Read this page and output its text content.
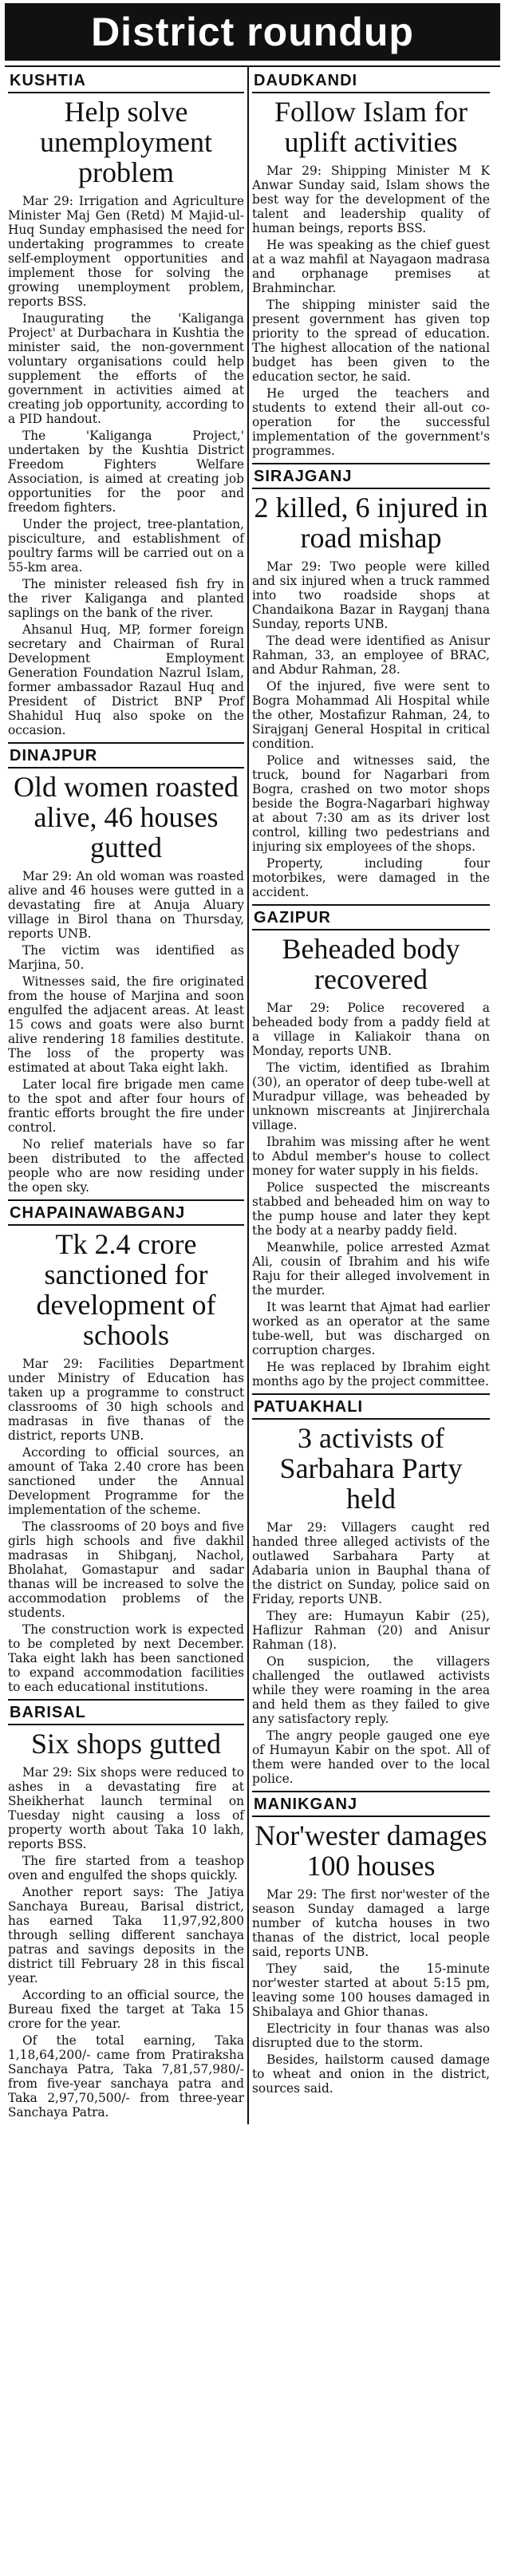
District roundup
KUSHTIA
Help solve unemployment problem

Mar 29: Irrigation and Agriculture Minister Maj Gen (Retd) M Majid-ul-Huq Sunday emphasised the need for undertaking programmes to create self-employment opportunities and implement those for solving the growing unemployment problem, reports BSS.

Inaugurating the 'Kaliganga Project' at Durbachara in Kushtia the minister said, the non-government voluntary organisations could help supplement the efforts of the government in activities aimed at creating job opportunity, according to a PID handout.

The 'Kaliganga Project,' undertaken by the Kushtia District Freedom Fighters Welfare Association, is aimed at creating job opportunities for the poor and freedom fighters.

Under the project, tree-plantation, pisciculture, and establishment of poultry farms will be carried out on a 55-km area.

The minister released fish fry in the river Kaliganga and planted saplings on the bank of the river.

Ahsanul Huq, MP, former foreign secretary and Chairman of Rural Development Employment Generation Foundation Nazrul Islam, former ambassador Razaul Huq and President of District BNP Prof Shahidul Huq also spoke on the occasion.

DINAJPUR
Old women roasted alive, 46 houses gutted

Mar 29: An old woman was roasted alive and 46 houses were gutted in a devastating fire at Anuja Aluary village in Birol thana on Thursday, reports UNB.

The victim was identified as Marjina, 50.

Witnesses said, the fire originated from the house of Marjina and soon engulfed the adjacent areas. At least 15 cows and goats were also burnt alive rendering 18 families destitute. The loss of the property was estimated at about Taka eight lakh.

Later local fire brigade men came to the spot and after four hours of frantic efforts brought the fire under control.

No relief materials have so far been distributed to the affected people who are now residing under the open sky.

CHAPAINAWABGANJ
Tk 2.4 crore sanctioned for development of schools

Mar 29: Facilities Department under Ministry of Education has taken up a programme to construct classrooms of 30 high schools and madrasas in five thanas of the district, reports UNB.

According to official sources, an amount of Taka 2.40 crore has been sanctioned under the Annual Development Programme for the implementation of the scheme.

The classrooms of 20 boys and five girls high schools and five dakhil madrasas in Shibganj, Nachol, Bholahat, Gomastapur and sadar thanas will be increased to solve the accommodation problems of the students.

The construction work is expected to be completed by next December. Taka eight lakh has been sanctioned to expand accommodation facilities to each educational institutions.

BARISAL
Six shops gutted

Mar 29: Six shops were reduced to ashes in a devastating fire at Sheikherhat launch terminal on Tuesday night causing a loss of property worth about Taka 10 lakh, reports BSS.

The fire started from a teashop oven and engulfed the shops quickly.

Another report says: The Jatiya Sanchaya Bureau, Barisal district, has earned Taka 11,97,92,800 through selling different sanchaya patras and savings deposits in the district till February 28 in this fiscal year.

According to an official source, the Bureau fixed the target at Taka 15 crore for the year.

Of the total earning, Taka 1,18,64,200/- came from Pratiraksha Sanchaya Patra, Taka 7,81,57,980/- from five-year sanchaya patra and Taka 2,97,70,500/- from three-year Sanchaya Patra.

DAUDKANDI
Follow Islam for uplift activities

Mar 29: Shipping Minister M K Anwar Sunday said, Islam shows the best way for the development of the talent and leadership quality of human beings, reports BSS.

He was speaking as the chief guest at a waz mahfil at Nayagaon madrasa and orphanage premises at Brahminchar.

The shipping minister said the present government has given top priority to the spread of education. The highest allocation of the national budget has been given to the education sector, he said.

He urged the teachers and students to extend their all-out co-operation for the successful implementation of the government's programmes.

SIRAJGANJ
2 killed, 6 injured in road mishap

Mar 29: Two people were killed and six injured when a truck rammed into two roadside shops at Chandaikona Bazar in Rayganj thana Sunday, reports UNB.

The dead were identified as Anisur Rahman, 33, an employee of BRAC, and Abdur Rahman, 28.

Of the injured, five were sent to Bogra Mohammad Ali Hospital while the other, Mostafizur Rahman, 24, to Sirajganj General Hospital in critical condition.

Police and witnesses said, the truck, bound for Nagarbari from Bogra, crashed on two motor shops beside the Bogra-Nagarbari highway at about 7:30 am as its driver lost control, killing two pedestrians and injuring six employees of the shops.

Property, including four motorbikes, were damaged in the accident.

GAZIPUR
Beheaded body recovered

Mar 29: Police recovered a beheaded body from a paddy field at a village in Kaliakoir thana on Monday, reports UNB.

The victim, identified as Ibrahim (30), an operator of deep tube-well at Muradpur village, was beheaded by unknown miscreants at Jinjirerchala village.

Ibrahim was missing after he went to Abdul member's house to collect money for water supply in his fields.

Police suspected the miscreants stabbed and beheaded him on way to the pump house and later they kept the body at a nearby paddy field.

Meanwhile, police arrested Azmat Ali, cousin of Ibrahim and his wife Raju for their alleged involvement in the murder.

It was learnt that Ajmat had earlier worked as an operator at the same tube-well, but was discharged on corruption charges.

He was replaced by Ibrahim eight months ago by the project committee.

PATUAKHALI
3 activists of Sarbahara Party held

Mar 29: Villagers caught red handed three alleged activists of the outlawed Sarbahara Party at Adabaria union in Bauphal thana of the district on Sunday, police said on Friday, reports UNB.

They are: Humayun Kabir (25), Haflizur Rahman (20) and Anisur Rahman (18).

On suspicion, the villagers challenged the outlawed activists while they were roaming in the area and held them as they failed to give any satisfactory reply.

The angry people gauged one eye of Humayun Kabir on the spot. All of them were handed over to the local police.

MANIKGANJ
Nor'wester damages 100 houses

Mar 29: The first nor'wester of the season Sunday damaged a large number of kutcha houses in two thanas of the district, local people said, reports UNB.

They said, the 15-minute nor'wester started at about 5:15 pm, leaving some 100 houses damaged in Shibalaya and Ghior thanas.

Electricity in four thanas was also disrupted due to the storm.

Besides, hailstorm caused damage to wheat and onion in the district, sources said.
